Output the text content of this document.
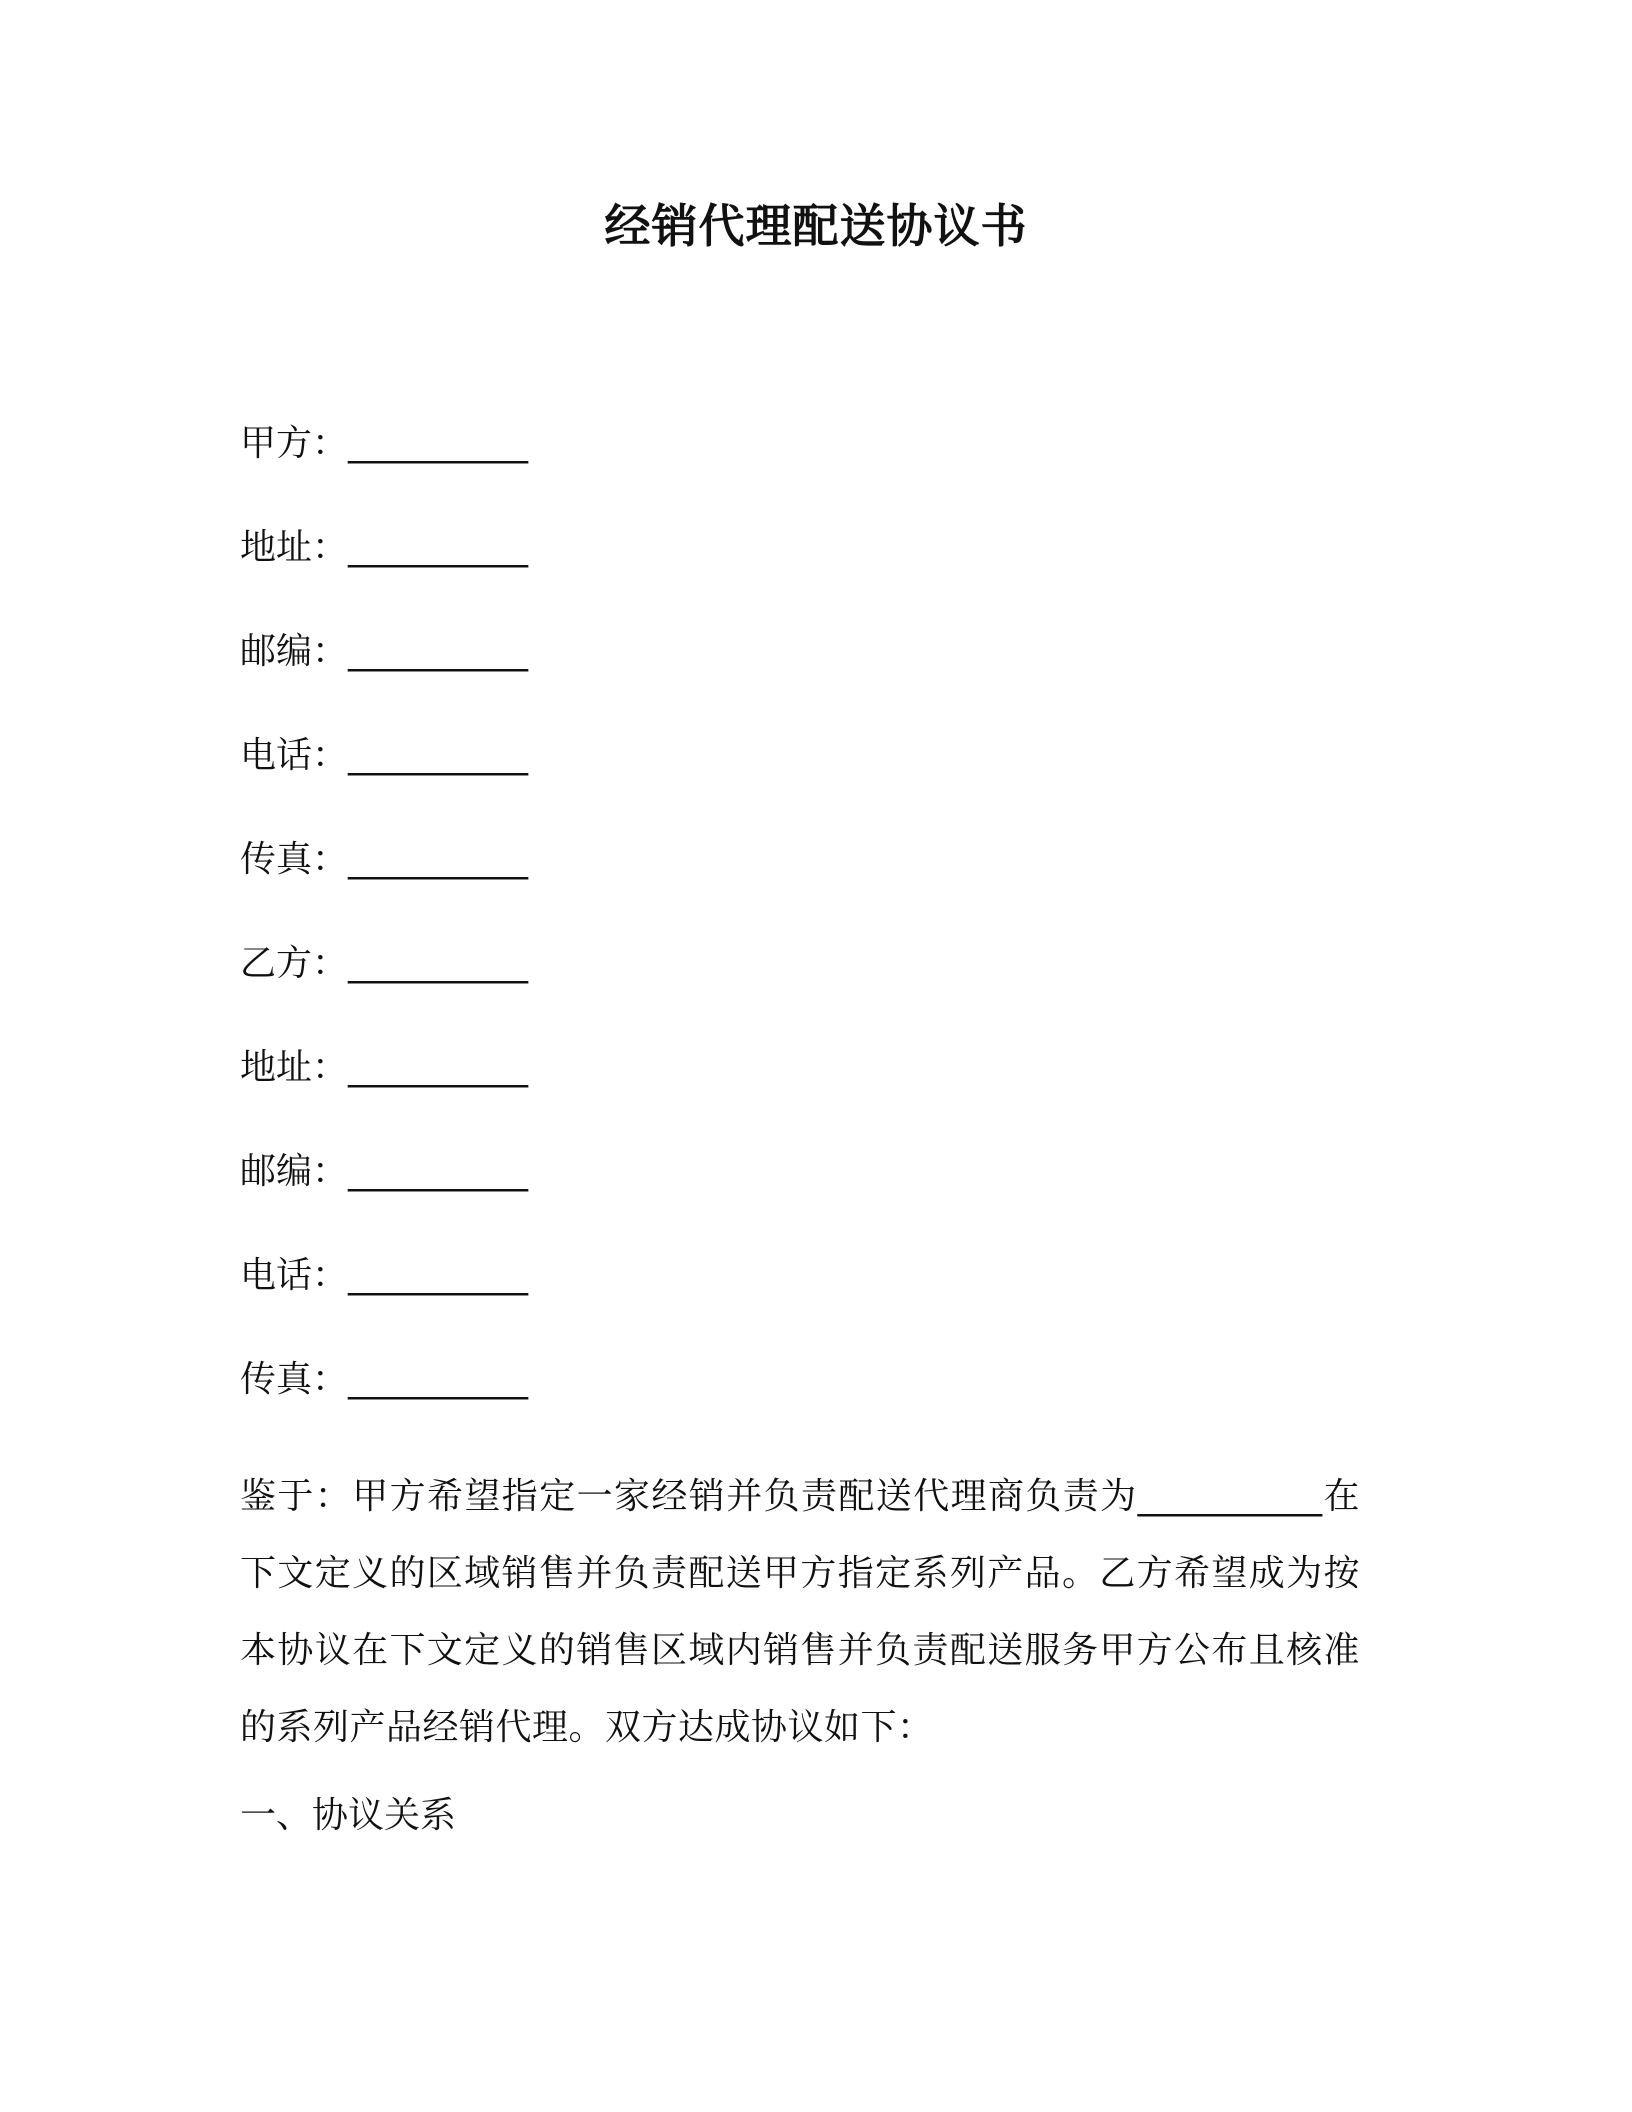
经销代理配送协议书
甲方：__________
地址：__________
邮编：__________
电话：__________
传真：__________
乙方：__________
地址：__________
邮编：__________
电话：__________
传真：__________
鉴于：甲方希望指定一家经销并负责配送代理商负责为__________在下文定义的区域销售并负责配送甲方指定系列产品。乙方希望成为按本协议在下文定义的销售区域内销售并负责配送服务甲方公布且核准的系列产品经销代理。双方达成协议如下：
一、协议关系
